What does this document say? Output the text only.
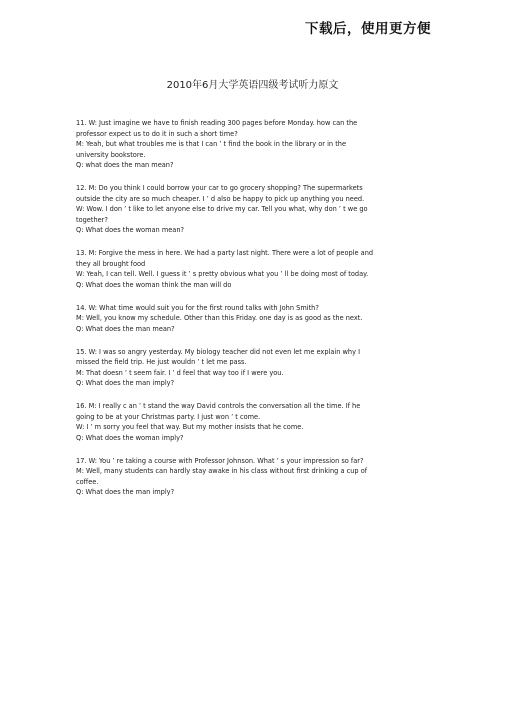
下载后，使用更方便
2010年6月大学英语四级考试听力原文
11. W: Just imagine we have to finish reading 300 pages before Monday. how can the
professor expect us to do it in such a short time?
M: Yeah, but what troubles me is that I can ’ t find the book in the library or in the
university bookstore.
Q: what does the man mean?
12. M: Do you think I could borrow your car to go grocery shopping? The supermarkets
outside the city are so much cheaper. I ’ d also be happy to pick up anything you need.
W: Wow. I don ’ t like to let anyone else to drive my car. Tell you what, why don ’ t we go
together?
Q: What does the woman mean?
13. M: Forgive the mess in here. We had a party last night. There were a lot of people and
they all brought food
W: Yeah, I can tell. Well. I guess it ’ s pretty obvious what you ’ ll be doing most of today.
Q: What does the woman think the man will do
14. W: What time would suit you for the first round talks with John Smith?
M: Well, you know my schedule. Other than this Friday. one day is as good as the next.
Q: What does the man mean?
15. W: I was so angry yesterday. My biology teacher did not even let me explain why I
missed the field trip. He just wouldn ’ t let me pass.
M: That doesn ’ t seem fair. I ’ d feel that way too if I were you.
Q: What does the man imply?
16. M: I really c an ’ t stand the way David controls the conversation all the time. If he
going to be at your Christmas party. I just won ’ t come.
W: I ’ m sorry you feel that way. But my mother insists that he come.
Q: What does the woman imply?
17. W: You ’ re taking a course with Professor Johnson. What ’ s your impression so far?
M: Well, many students can hardly stay awake in his class without first drinking a cup of
coffee.
Q: What does the man imply?
